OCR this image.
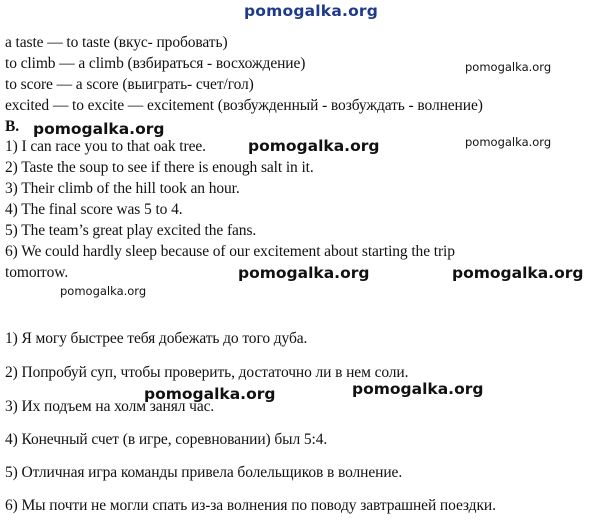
pomogalka.org
a taste — to taste (вкус- пробовать)
to climb — a climb (взбираться - восхождение)
to score — a score (выиграть- счет/гол)
excited — to excite — excitement (возбужденный - возбуждать - волнение)
B.
1) I can race you to that oak tree.
2) Taste the soup to see if there is enough salt in it.
3) Their climb of the hill took an hour.
4) The final score was 5 to 4.
5) The team’s great play excited the fans.
6) We could hardly sleep because of our excitement about starting the trip
tomorrow.
1) Я могу быстрее тебя добежать до того дуба.
2) Попробуй суп, чтобы проверить, достаточно ли в нем соли.
3) Их подъем на холм занял час.
4) Конечный счет (в игре, соревновании) был 5:4.
5) Отличная игра команды привела болельщиков в волнение.
6) Мы почти не могли спать из-за волнения по поводу завтрашней поездки.
pomogalka.org
pomogalka.org
pomogalka.org	pomogalka.org
pomogalka.org	pomogalka.org
pomogalka.org
pomogalka.org
pomogalka.org
